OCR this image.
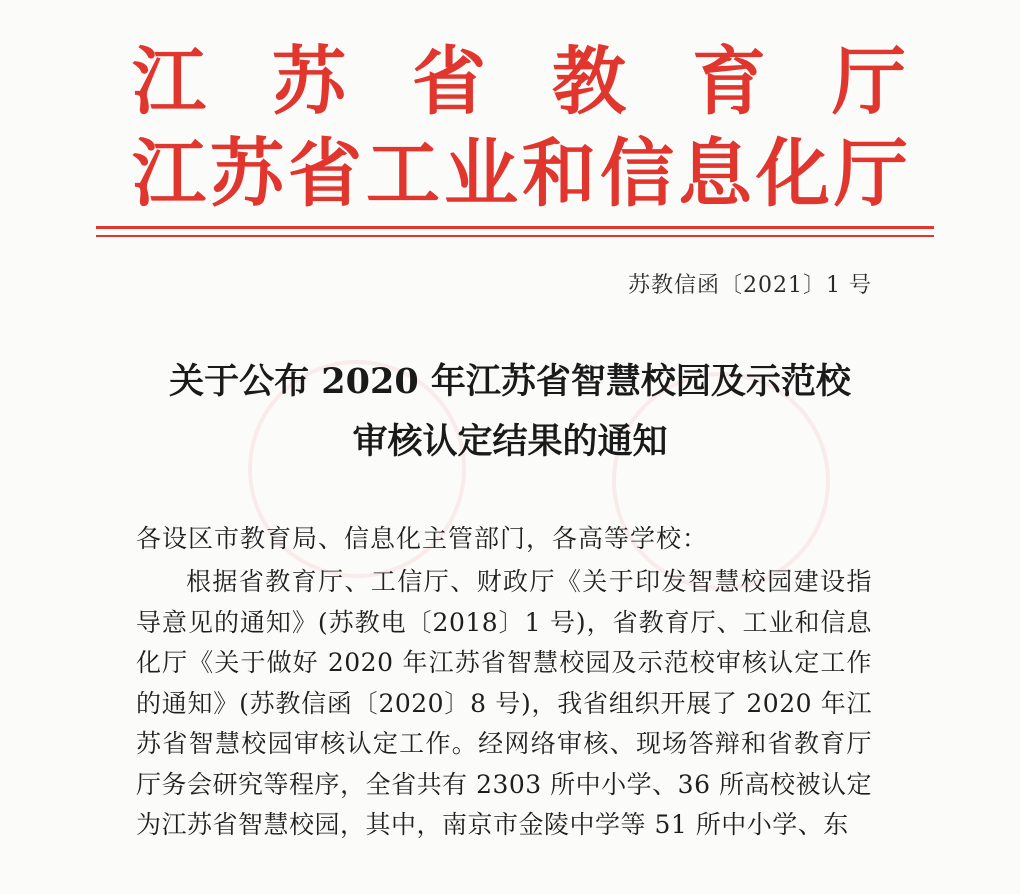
江苏省教育厅
江苏省工业和信息化厅

苏教信函〔2021〕1 号

关于公布 2020 年江苏省智慧校园及示范校
审核认定结果的通知

各设区市教育局、信息化主管部门，各高等学校：

根据省教育厅、工信厅、财政厅《关于印发智慧校园建设指导意见的通知》(苏教电〔2018〕1 号)，省教育厅、工业和信息化厅《关于做好 2020 年江苏省智慧校园及示范校审核认定工作的通知》(苏教信函〔2020〕8 号)，我省组织开展了 2020 年江苏省智慧校园审核认定工作。经网络审核、现场答辩和省教育厅厅务会研究等程序，全省共有 2303 所中小学、36 所高校被认定为江苏省智慧校园，其中，南京市金陵中学等 51 所中小学、东
